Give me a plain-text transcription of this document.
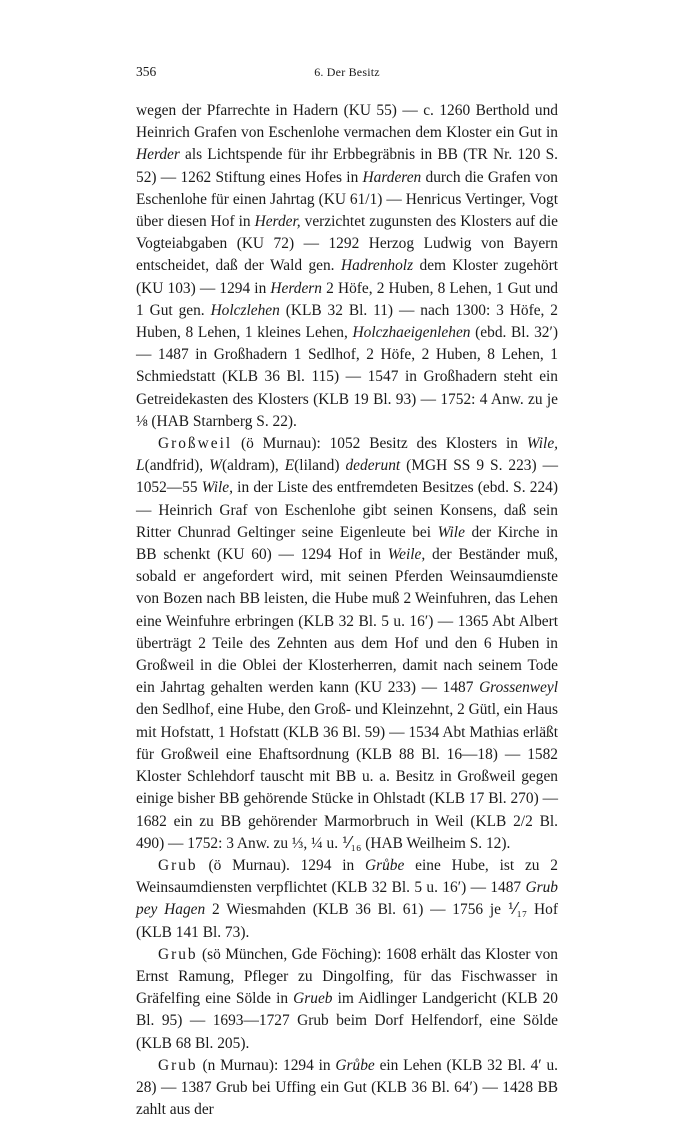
356	6. Der Besitz

wegen der Pfarrechte in Hadern (KU 55) — c. 1260 Berthold und Heinrich Grafen von Eschenlohe vermachen dem Kloster ein Gut in Herder als Lichtspende für ihr Erbbegräbnis in BB (TR Nr. 120 S. 52) — 1262 Stiftung eines Hofes in Harderen durch die Grafen von Eschenlohe für einen Jahrtag (KU 61/1) — Henricus Vertinger, Vogt über diesen Hof in Herder, verzichtet zugunsten des Klosters auf die Vogteiabgaben (KU 72) — 1292 Herzog Ludwig von Bayern entscheidet, daß der Wald gen. Hadrenholz dem Kloster zugehört (KU 103) — 1294 in Herdern 2 Höfe, 2 Huben, 8 Lehen, 1 Gut und 1 Gut gen. Holczlehen (KLB 32 Bl. 11) — nach 1300: 3 Höfe, 2 Huben, 8 Lehen, 1 kleines Lehen, Holczhaeigenlehen (ebd. Bl. 32′) — 1487 in Großhadern 1 Sedlhof, 2 Höfe, 2 Huben, 8 Lehen, 1 Schmiedstatt (KLB 36 Bl. 115) — 1547 in Großhadern steht ein Getreidekasten des Klosters (KLB 19 Bl. 93) — 1752: 4 Anw. zu je ⅛ (HAB Starnberg S. 22).

Großweil (ö Murnau): 1052 Besitz des Klosters in Wile, L(andfrid), W(aldram), E(liland) dederunt (MGH SS 9 S. 223) — 1052—55 Wile, in der Liste des entfremdeten Besitzes (ebd. S. 224) — Heinrich Graf von Eschenlohe gibt seinen Konsens, daß sein Ritter Chunrad Geltinger seine Eigenleute bei Wile der Kirche in BB schenkt (KU 60) — 1294 Hof in Weile, der Beständer muß, sobald er angefordert wird, mit seinen Pferden Weinsaumdienste von Bozen nach BB leisten, die Hube muß 2 Weinfuhren, das Lehen eine Weinfuhre erbringen (KLB 32 Bl. 5 u. 16′) — 1365 Abt Albert überträgt 2 Teile des Zehnten aus dem Hof und den 6 Huben in Großweil in die Oblei der Klosterherren, damit nach seinem Tode ein Jahrtag gehalten werden kann (KU 233) — 1487 Grossenweyl den Sedlhof, eine Hube, den Groß- und Kleinzehnt, 2 Gütl, ein Haus mit Hofstatt, 1 Hofstatt (KLB 36 Bl. 59) — 1534 Abt Mathias erläßt für Großweil eine Ehaftsordnung (KLB 88 Bl. 16—18) — 1582 Kloster Schlehdorf tauscht mit BB u. a. Besitz in Großweil gegen einige bisher BB gehörende Stücke in Ohlstadt (KLB 17 Bl. 270) — 1682 ein zu BB gehörender Marmorbruch in Weil (KLB 2/2 Bl. 490) — 1752: 3 Anw. zu ⅓, ¼ u. ⅟₁₆ (HAB Weilheim S. 12).

Grub (ö Murnau). 1294 in Grůbe eine Hube, ist zu 2 Weinsaumdiensten verpflichtet (KLB 32 Bl. 5 u. 16′) — 1487 Grub pey Hagen 2 Wiesmahden (KLB 36 Bl. 61) — 1756 je ⅟₁₇ Hof (KLB 141 Bl. 73).

Grub (sö München, Gde Föching): 1608 erhält das Kloster von Ernst Ramung, Pfleger zu Dingolfing, für das Fischwasser in Gräfelfing eine Sölde in Grueb im Aidlinger Landgericht (KLB 20 Bl. 95) — 1693—1727 Grub beim Dorf Helfendorf, eine Sölde (KLB 68 Bl. 205).

Grub (n Murnau): 1294 in Grůbe ein Lehen (KLB 32 Bl. 4′ u. 28) — 1387 Grub bei Uffing ein Gut (KLB 36 Bl. 64′) — 1428 BB zahlt aus der
